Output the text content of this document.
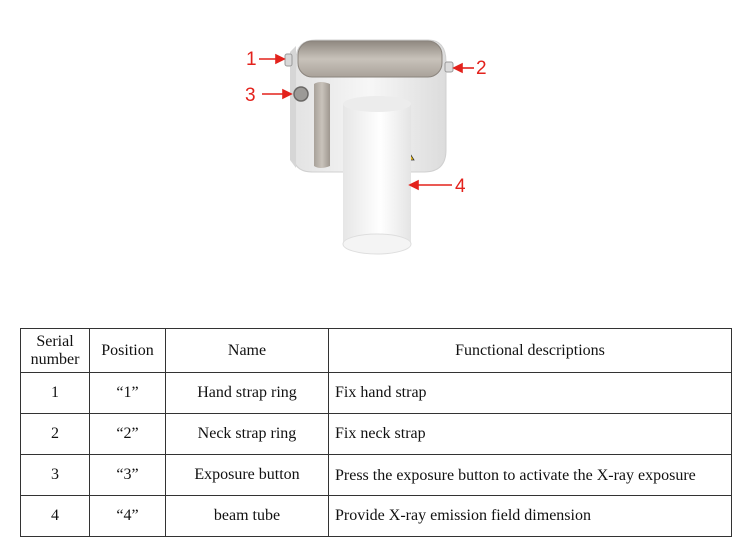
1	2
3
4
Serial
number	Position	Name	Functional descriptions
1	“1”	Hand strap ring	Fix hand strap
2	“2”	Neck strap ring	Fix neck strap
3	“3”	Exposure button	Press the exposure button to activate the X-ray exposure
4	“4”	beam tube	Provide X-ray emission field dimension
